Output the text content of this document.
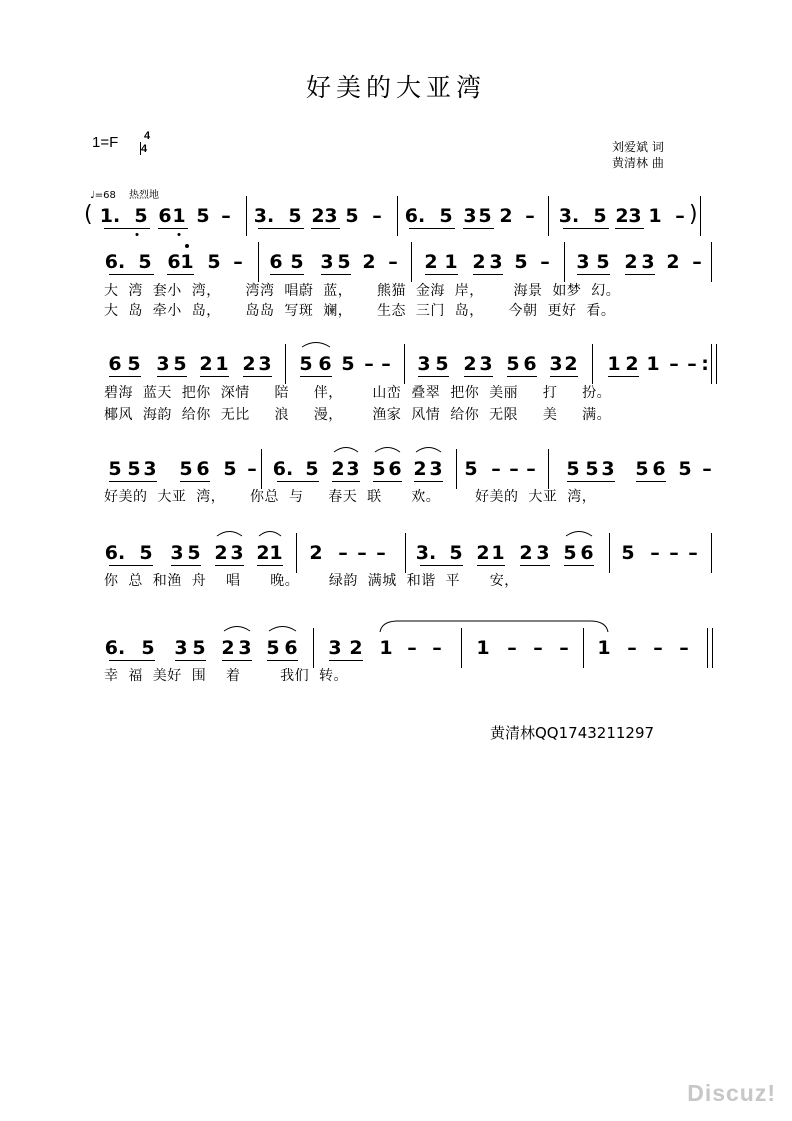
好美的大亚湾
1=F	4
4	刘爱斌 词
黄清林 曲
♩=68 热烈地
(	)
1. 5 6 1 5 – 3. 5 2 3 5 – 6. 5 3 5 2 – 3. 5 2 3 1 –
6. 5 6 1 5 – 6 5 3 5 2 – 2 1 2 3 5 – 3 5 2 3 2 –
6 5 3 5 2 1 2 3 5 6 5 – – 3 5 2 3 5 6 3 2 1 2 1 – – :
5 5 3 5 6 5 – 6. 5 2 3 5 6 2 3 5 – – – 5 5 3 5 6 5 –
6. 5 3 5 2 3 2 1 2 – – – 3. 5 2 1 2 3 5 6 5 – – –
6. 5 3 5 2 3 5 6 3 2 1 – – 1 – – – 1 – – –
大  湾  套小  湾，     湾湾  唱蔚  蓝，     熊猫  金海  岸，      海景  如梦  幻。
大  岛  牵小  岛，     岛岛  写斑  斓，     生态  三门  岛，     今朝  更好  看。
碧海  蓝天  把你  深情     陪     伴，      山峦  叠翠  把你  美丽     打     扮。
椰风  海韵  给你  无比     浪     漫，      渔家  风情  给你  无限     美     满。
好美的  大亚  湾，     你总  与     春天  联      欢。       好美的  大亚  湾，
你  总  和渔  舟    唱      晚。      绿韵  满城  和谐  平      安，
幸  福  美好  围    着        我们  转。
黄清林QQ1743211297
Discuz!
